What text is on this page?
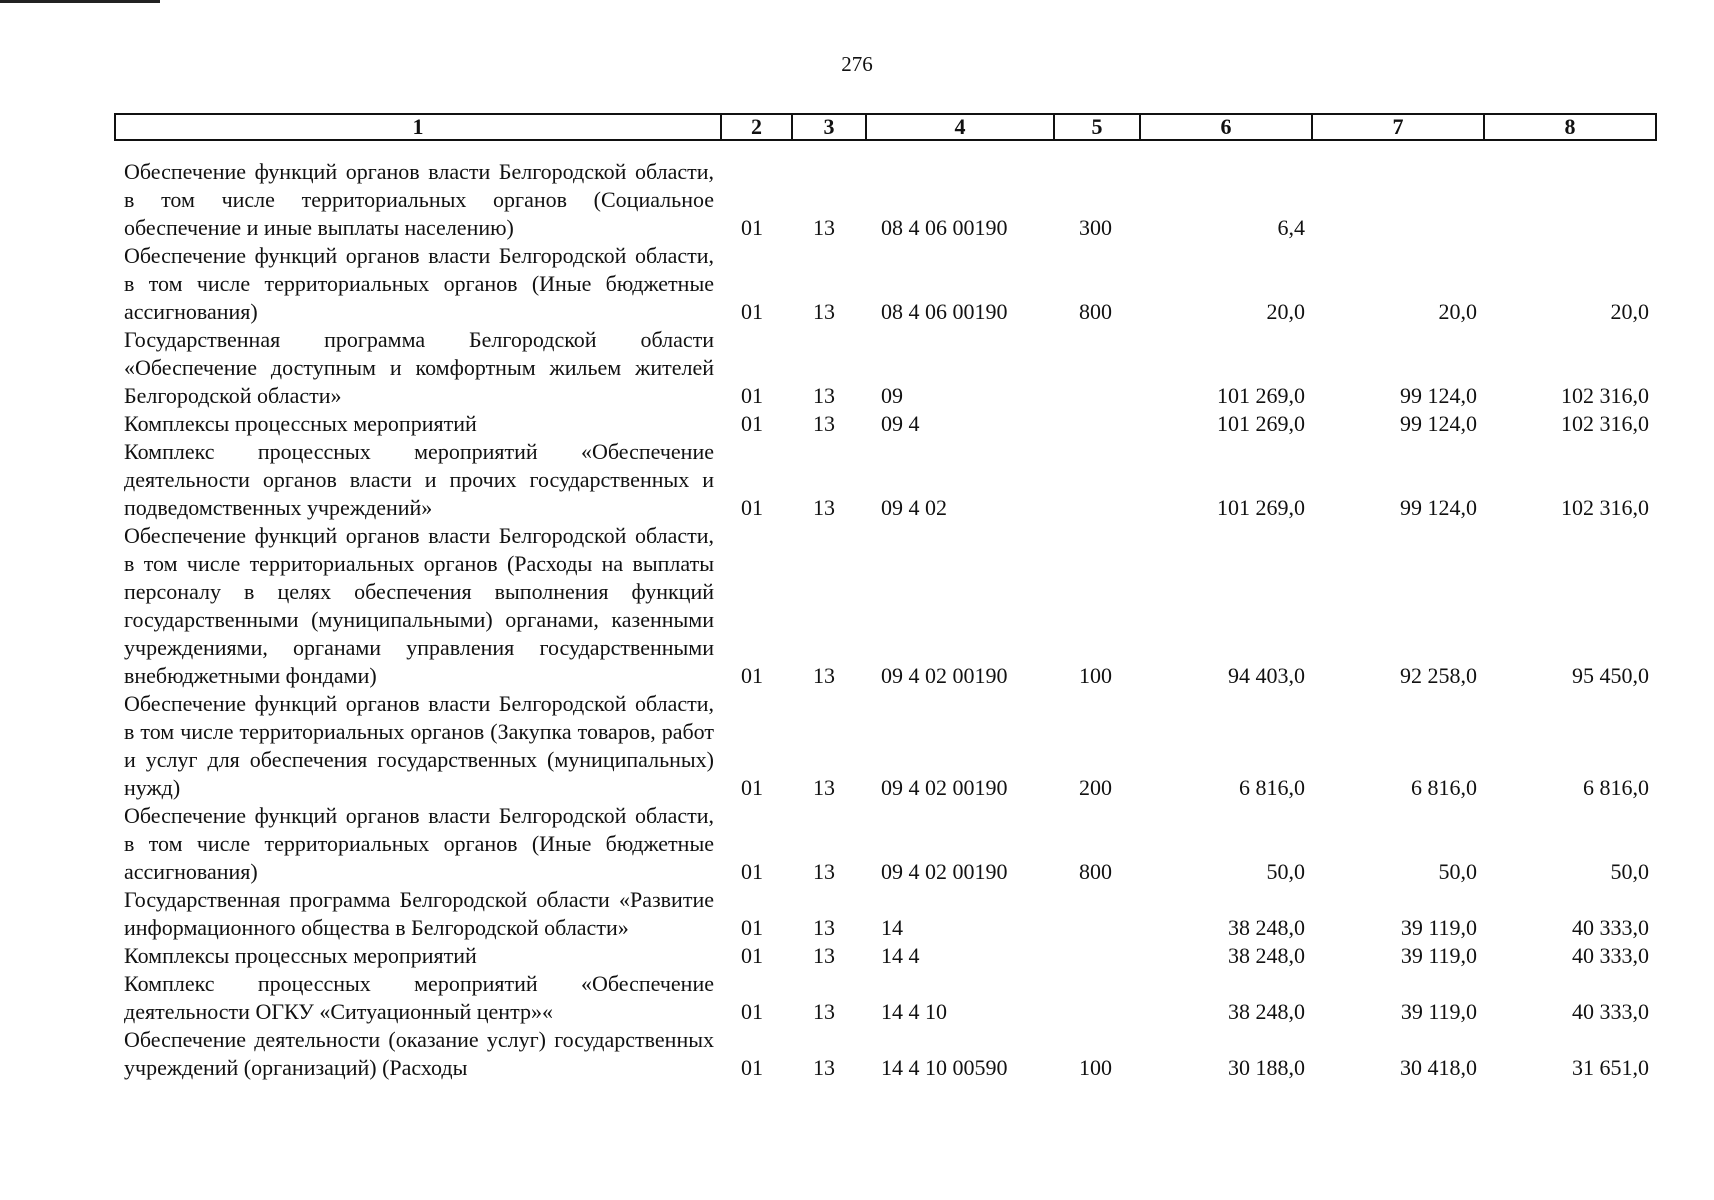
276
1	2	3	4	5	6	7	8
Обеспечение функций органов власти Белгородской области, в том числе территориальных органов (Социальное обеспечение и иные выплаты населению)	01	13	08 4 06 00190	300	6,4		
Обеспечение функций органов власти Белгородской области, в том числе территориальных органов (Иные бюджетные ассигнования)	01	13	08 4 06 00190	800	20,0	20,0	20,0
Государственная программа Белгородской области «Обеспечение доступным и комфортным жильем жителей Белгородской области»	01	13	09		101 269,0	99 124,0	102 316,0
Комплексы процессных мероприятий	01	13	09 4		101 269,0	99 124,0	102 316,0
Комплекс процессных мероприятий «Обеспечение деятельности органов власти и прочих государственных и подведомственных учреждений»	01	13	09 4 02		101 269,0	99 124,0	102 316,0
Обеспечение функций органов власти Белгородской области, в том числе территориальных органов (Расходы на выплаты персоналу в целях обеспечения выполнения функций государственными (муниципальными) органами, казенными учреждениями, органами управления государственными внебюджетными фондами)	01	13	09 4 02 00190	100	94 403,0	92 258,0	95 450,0
Обеспечение функций органов власти Белгородской области, в том числе территориальных органов (Закупка товаров, работ и услуг для обеспечения государственных (муниципальных) нужд)	01	13	09 4 02 00190	200	6 816,0	6 816,0	6 816,0
Обеспечение функций органов власти Белгородской области, в том числе территориальных органов (Иные бюджетные ассигнования)	01	13	09 4 02 00190	800	50,0	50,0	50,0
Государственная программа Белгородской области «Развитие информационного общества в Белгородской области»	01	13	14		38 248,0	39 119,0	40 333,0
Комплексы процессных мероприятий	01	13	14 4		38 248,0	39 119,0	40 333,0
Комплекс процессных мероприятий «Обеспечение деятельности ОГКУ «Ситуационный центр»«	01	13	14 4 10		38 248,0	39 119,0	40 333,0
Обеспечение деятельности (оказание услуг) государственных учреждений (организаций) (Расходы	01	13	14 4 10 00590	100	30 188,0	30 418,0	31 651,0
